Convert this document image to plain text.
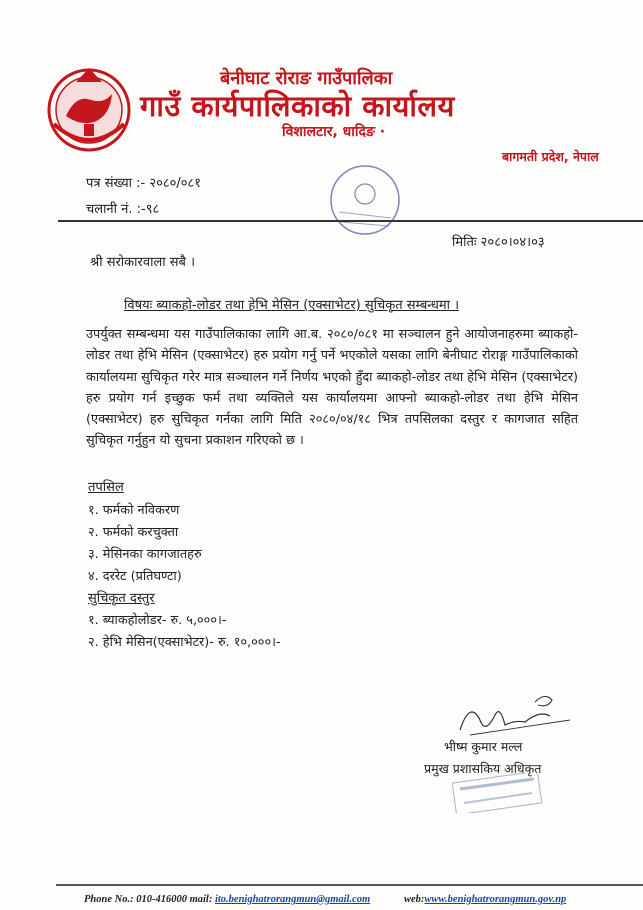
बेनीघाट रोराङ गाउँपालिका
गाउँ कार्यपालिकाको कार्यालय
विशालटार, धादिङ ·
बागमती प्रदेश, नेपाल
पत्र संख्या :- २०८०/०८१
चलानी नं. :-९८
मितिः २०८०।०४।०३
श्री सरोकारवाला सबै ।
विषयः ब्याकहो-लोडर तथा हेभि मेसिन (एक्साभेटर) सुचिकृत सम्बन्धमा ।
उपर्युक्त सम्बन्धमा यस गाउँपालिकाका लागि आ.ब. २०८०/०८१ मा सञ्चालन हुने आयोजनाहरुमा ब्याकहो-लोडर तथा हेभि मेसिन (एक्साभेटर) हरु प्रयोग गर्नु पर्ने भएकोले यसका लागि बेनीघाट रोराङ्ग गाउँपालिकाको कार्यालयमा सुचिकृत गरेर मात्र सञ्चालन गर्ने निर्णय भएको हुँदा ब्याकहो-लोडर तथा हेभि मेसिन (एक्साभेटर) हरु प्रयोग गर्न इच्छुक फर्म तथा व्यक्तिले यस कार्यालयमा आफ्नो ब्याकहो-लोडर तथा हेभि मेसिन (एक्साभेटर) हरु सुचिकृत गर्नका लागि मिति २०८०/०४/१८ भित्र तपसिलका दस्तुर र कागजात सहित सुचिकृत गर्नुहुन यो सुचना प्रकाशन गरिएको छ ।
तपसिल
१. फर्मको नविकरण
२. फर्मको करचुक्ता
३. मेसिनका कागजातहरु
४. दररेट (प्रतिघण्टा)
सुचिकृत दस्तुर
१. ब्याकहोलोडर- रु. ५,०००।-
२. हेभि मेसिन(एक्साभेटर)- रु. १०,०००।-
भीष्म कुमार मल्ल
प्रमुख प्रशासकिय अधिकृत
Phone No.: 010-416000 mail: ito.benighatrorangmun@gmail.com	web:www.benighatrorangmun.gov.np
